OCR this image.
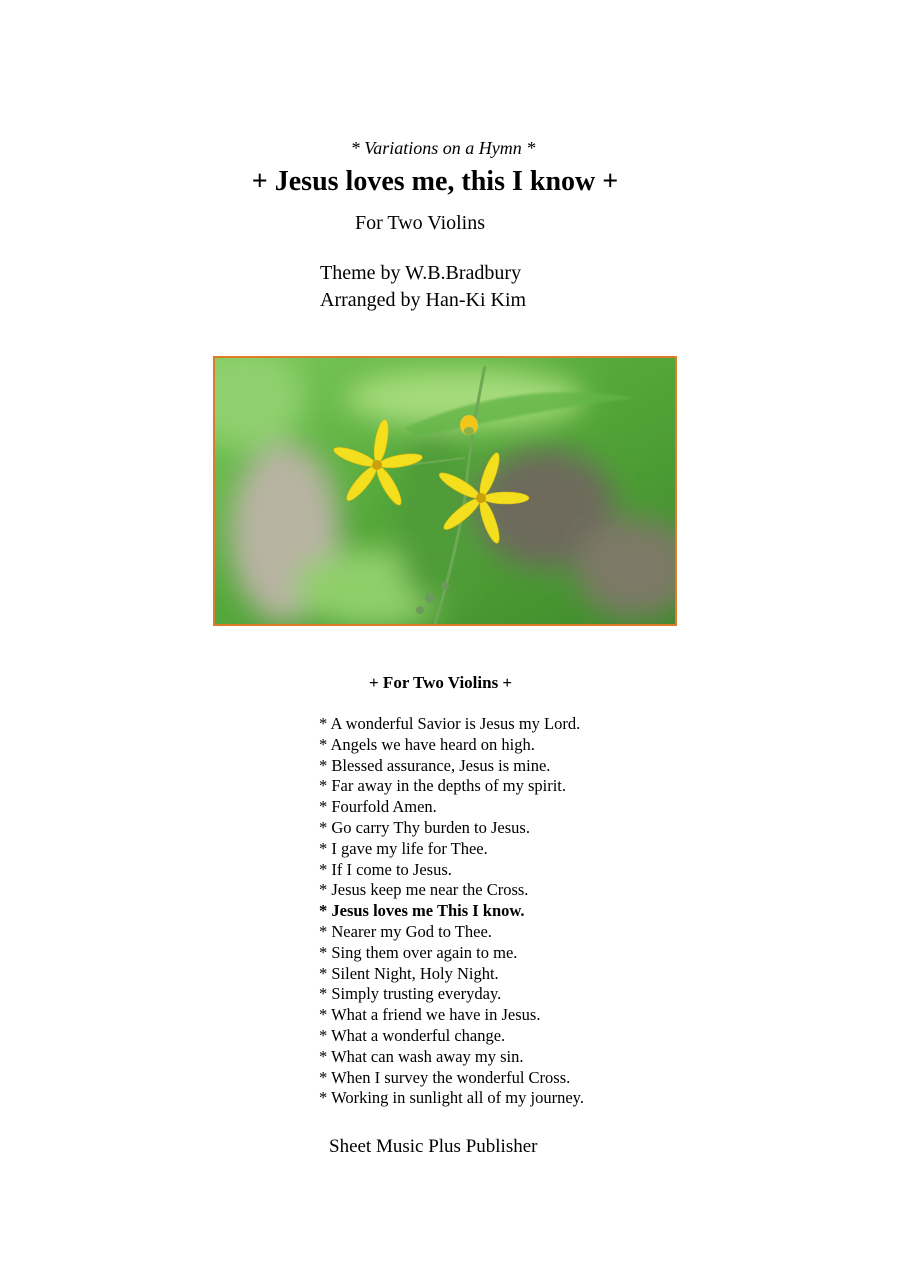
* Variations on a Hymn *
+ Jesus loves me, this I know +
For Two Violins
Theme by W.B.Bradbury
Arranged by Han-Ki Kim
+ For Two Violins +
* A wonderful Savior is Jesus my Lord.
* Angels we have heard on high.
* Blessed assurance, Jesus is mine.
* Far away in the depths of my spirit.
* Fourfold Amen.
* Go carry Thy burden to Jesus.
* I gave my life for Thee.
* If I come to Jesus.
* Jesus keep me near the Cross.
* Jesus loves me This I know.
* Nearer my God to Thee.
* Sing them over again to me.
* Silent Night, Holy Night.
* Simply trusting everyday.
* What a friend we have in Jesus.
* What a wonderful change.
* What can wash away my sin.
* When I survey the wonderful Cross.
* Working in sunlight all of my journey.
Sheet Music Plus Publisher
